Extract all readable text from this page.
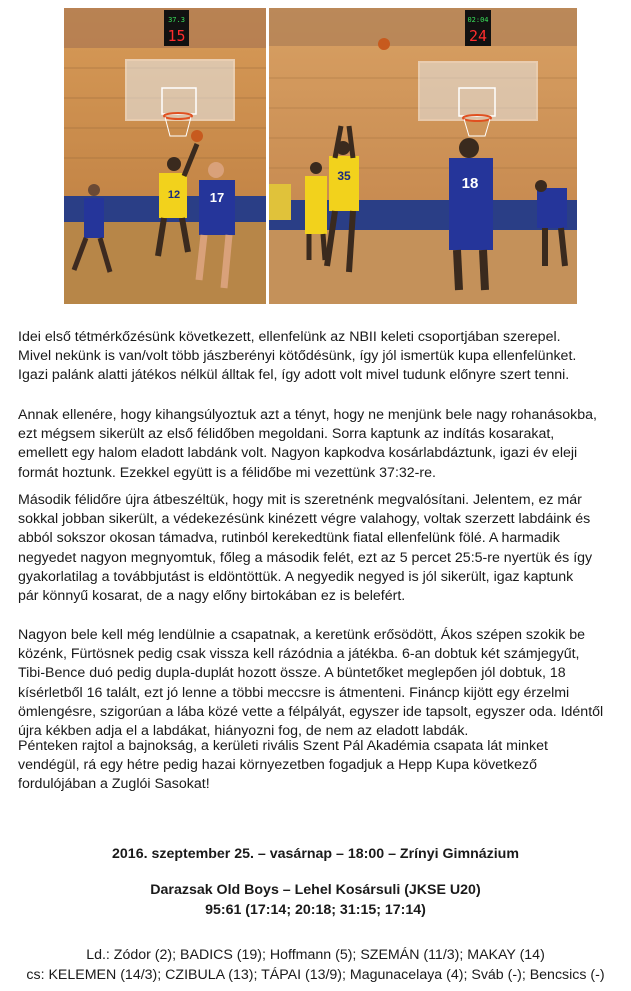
37.3
15
12 17
02:04
24
35	18

Idei első tétmérkőzésünk következett, ellenfelünk az NBII keleti csoportjában szerepel.

Mivel nekünk is van/volt több jászberényi kötődésünk, így jól ismertük kupa ellenfelünket.

Igazi palánk alatti játékos nélkül álltak fel, így adott volt mivel tudunk előnyre szert tenni.

Annak ellenére, hogy kihangsúlyoztuk azt a tényt, hogy ne menjünk bele nagy rohanásokba,

ezt mégsem sikerült az első félidőben megoldani. Sorra kaptunk az indítás kosarakat,

emellett egy halom eladott labdánk volt. Nagyon kapkodva kosárlabdáztunk, igazi év eleji

formát hoztunk. Ezekkel együtt is a félidőbe mi vezettünk 37:32-re.

Második félidőre újra átbeszéltük, hogy mit is szeretnénk megvalósítani. Jelentem, ez már

sokkal jobban sikerült, a védekezésünk kinézett végre valahogy, voltak szerzett labdáink és

abból sokszor okosan támadva, rutinból kerekedtünk fiatal ellenfelünk fölé. A harmadik

negyedet nagyon megnyomtuk, főleg a második felét, ezt az 5 percet 25:5-re nyertük és így

gyakorlatilag a továbbjutást is eldöntöttük. A negyedik negyed is jól sikerült, igaz kaptunk

pár könnyű kosarat, de a nagy előny birtokában ez is belefért.

Nagyon bele kell még lendülnie a csapatnak, a keretünk erősödött, Ákos szépen szokik be

közénk, Fürtösnek pedig csak vissza kell rázódnia a játékba. 6-an dobtuk két számjegyűt,

Tibi-Bence duó pedig dupla-duplát hozott össze. A büntetőket meglepően jól dobtuk, 18

kísérletből 16 talált, ezt jó lenne a többi meccsre is átmenteni. Fináncp kijött egy érzelmi

ömlengésre, szigorúan a lába közé vette a félpályát, egyszer ide tapsolt, egyszer oda. Idéntől

újra kékben adja el a labdákat, hiányozni fog, de nem az eladott labdák.

Pénteken rajtol a bajnokság, a kerületi rivális Szent Pál Akadémia csapata lát minket

vendégül, rá egy hétre pedig hazai környezetben fogadjuk a Hepp Kupa következő

fordulójában a Zuglói Sasokat!

2016. szeptember 25. – vasárnap – 18:00 – Zrínyi Gimnázium
Darazsak Old Boys – Lehel Kosársuli (JKSE U20)
95:61 (17:14; 20:18; 31:15; 17:14)
Ld.: Zódor (2); BADICS (19); Hoffmann (5); SZEMÁN (11/3); MAKAY (14)
cs: KELEMEN (14/3); CZIBULA (13); TÁPAI (13/9); Magunacelaya (4); Sváb (-); Bencsics (-)
